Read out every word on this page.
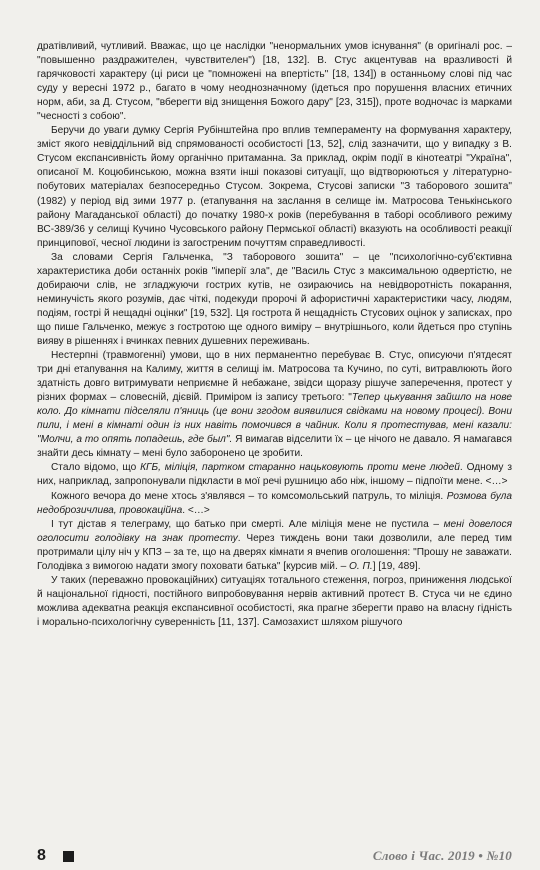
дратівливий, чутливий. Вважає, що це наслідки "ненормальних умов існування" (в оригіналі рос. – "повышенно раздражителен, чувствителен") [18, 132]. В. Стус акцентував на вразливості й гарячковості характеру (ці риси це "помноженi на впертість" [18, 134]) в останньому слові під час суду у вересні 1972 р., багато в чому неоднозначному (ідеться про порушення власних етичних норм, аби, за Д. Стусом, "вберегти від знищення Божого дару" [23, 315]), проте водночас із марками "чесності з собою".

Беручи до уваги думку Сергія Рубінштейна про вплив темпераменту на формування характеру, зміст якого невіддільний від спрямованості особистості [13, 52], слід зазначити, що у випадку з В. Стусом експансивність йому органічно притаманна. За приклад, окрім події в кінотеатрі "Україна", описаної М. Коцюбинською, можна взяти інші показові ситуації, що відтворюються у літературно-побутових матеріалах безпосередньо Стусом. Зокрема, Стусові записки "З таборового зошита" (1982) у період від зими 1977 р. (етапування на заслання в селище ім. Матросова Тенькінського району Магаданської області) до початку 1980-х років (перебування в таборі особливого режиму ВС-389/36 у селищі Кучино Чусовського району Пермської області) вказують на особливості реакції принципової, чесної людини із загостреним почуттям справедливості.

За словами Сергія Гальченка, "З таборового зошита" – це "психологічно-суб'єктивна характеристика доби останніх років "імперії зла", де "Василь Стус з максимальною одвертістю, не добираючи слів, не згладжуючи гострих кутів, не озираючись на невідворотність покарання, неминучість якого розумів, дає чіткі, подекуди пророчі й афористичні характеристики часу, людям, подіям, гострі й нещадні оцінки" [19, 532]. Ця гострота й нещадність Стусових оцінок у записках, про що пише Гальченко, межує з гостротою ще одного виміру – внутрішнього, коли йдеться про ступінь вияву в рішеннях і вчинках певних душевних переживань.

Нестерпні (травмогенні) умови, що в них перманентно перебуває В. Стус, описуючи п'ятдесят три дні етапування на Калиму, життя в селищі ім. Матросова та Кучино, по суті, витравлюють його здатність довго витримувати неприємне й небажане, звідси щоразу рішуче заперечення, протест у різних формах – словесній, дієвій. Приміром із запису третього: "Тепер цькування зайшло на нове коло. До кімнати підселяли п'яниць (це вони згодом виявилися свідками на новому процесі). Вони пили, і мені в кімнаті один із них навіть помочився в чайник. Коли я протестував, мені казали: "Молчи, а то опять попадешь, где был". Я вимагав відселити їх – це нічого не давало. Я намагався знайти десь кімнату – мені було заборонено це зробити.

Стало відомо, що КГБ, міліція, партком старанно нацьковують проти мене людей. Одному з них, наприклад, запропонували підкласти в мої речі рушницю або ніж, іншому – підпоїти мене. <…>

Кожного вечора до мене хтось з'являвся – то комсомольський патруль, то міліція. Розмова була недоброзичлива, провокаційна. <…>

І тут дістав я телеграму, що батько при смерті. Але міліція мене не пустила – мені довелося оголосити голодівку на знак протесту. Через тиждень вони таки дозволили, але перед тим протримали цілу ніч у КПЗ – за те, що на дверях кімнати я вчепив оголошення: "Прошу не заважати. Голодівка з вимогою надати змогу поховати батька" [курсив мій. – О. П.] [19, 489].

У таких (переважно провокаційних) ситуаціях тотального стеження, погроз, приниження людської й національної гідності, постійного випробовування нервів активний протест В. Стуса чи не єдино можлива адекватна реакція експансивної особистості, яка прагне зберегти право на власну гідність і морально-психологічну суверенність [11, 137]. Самозахист шляхом рішучого

8	Слово і Час. 2019 • №10
